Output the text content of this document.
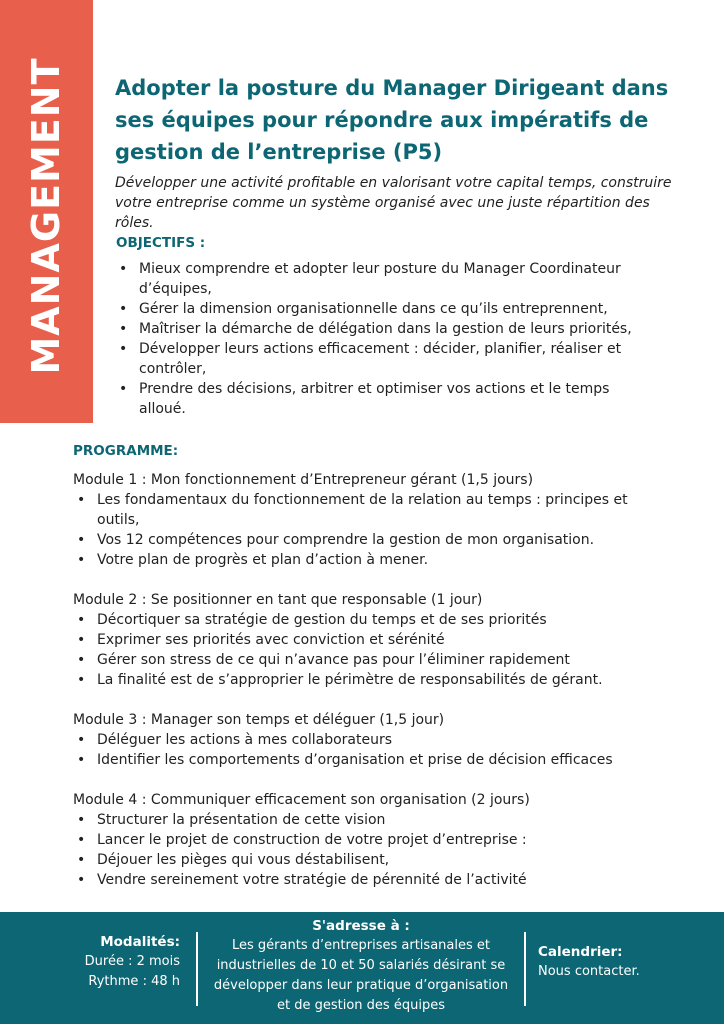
MANAGEMENT Adopter la posture du Manager Dirigeant dans ses équipes pour répondre aux impératifs de gestion de l’entreprise (P5)

Développer une activité profitable en valorisant votre capital temps, construire votre entreprise comme un système organisé avec une juste répartition des rôles.

OBJECTIFS :
• Mieux comprendre et adopter leur posture du Manager Coordinateur d’équipes,
• Gérer la dimension organisationnelle dans ce qu’ils entreprennent,
• Maîtriser la démarche de délégation dans la gestion de leurs priorités,
• Développer leurs actions efficacement : décider, planifier, réaliser et contrôler,
• Prendre des décisions, arbitrer et optimiser vos actions et le temps alloué.
PROGRAMME:

Module 1 : Mon fonctionnement d’Entrepreneur gérant (1,5 jours)

• Les fondamentaux du fonctionnement de la relation au temps : principes et outils,
• Vos 12 compétences pour comprendre la gestion de mon organisation.
• Votre plan de progrès et plan d’action à mener.

Module 2 : Se positionner en tant que responsable (1 jour)

• Décortiquer sa stratégie de gestion du temps et de ses priorités
• Exprimer ses priorités avec conviction et sérénité
• Gérer son stress de ce qui n’avance pas pour l’éliminer rapidement
• La finalité est de s’approprier le périmètre de responsabilités de gérant.

Module 3 : Manager son temps et déléguer (1,5 jour)

• Déléguer les actions à mes collaborateurs
• Identifier les comportements d’organisation et prise de décision efficaces

Module 4 : Communiquer efficacement son organisation (2 jours)

• Structurer la présentation de cette vision
• Lancer le projet de construction de votre projet d’entreprise :
• Déjouer les pièges qui vous déstabilisent,
• Vendre sereinement votre stratégie de pérennité de l’activité
Modalités:
Durée : 2 mois
Rythme : 48 h
S'adresse à :
Les gérants d’entreprises artisanales et industrielles de 10 et 50 salariés désirant se développer dans leur pratique d’organisation et de gestion des équipes
Calendrier:
Nous contacter.
